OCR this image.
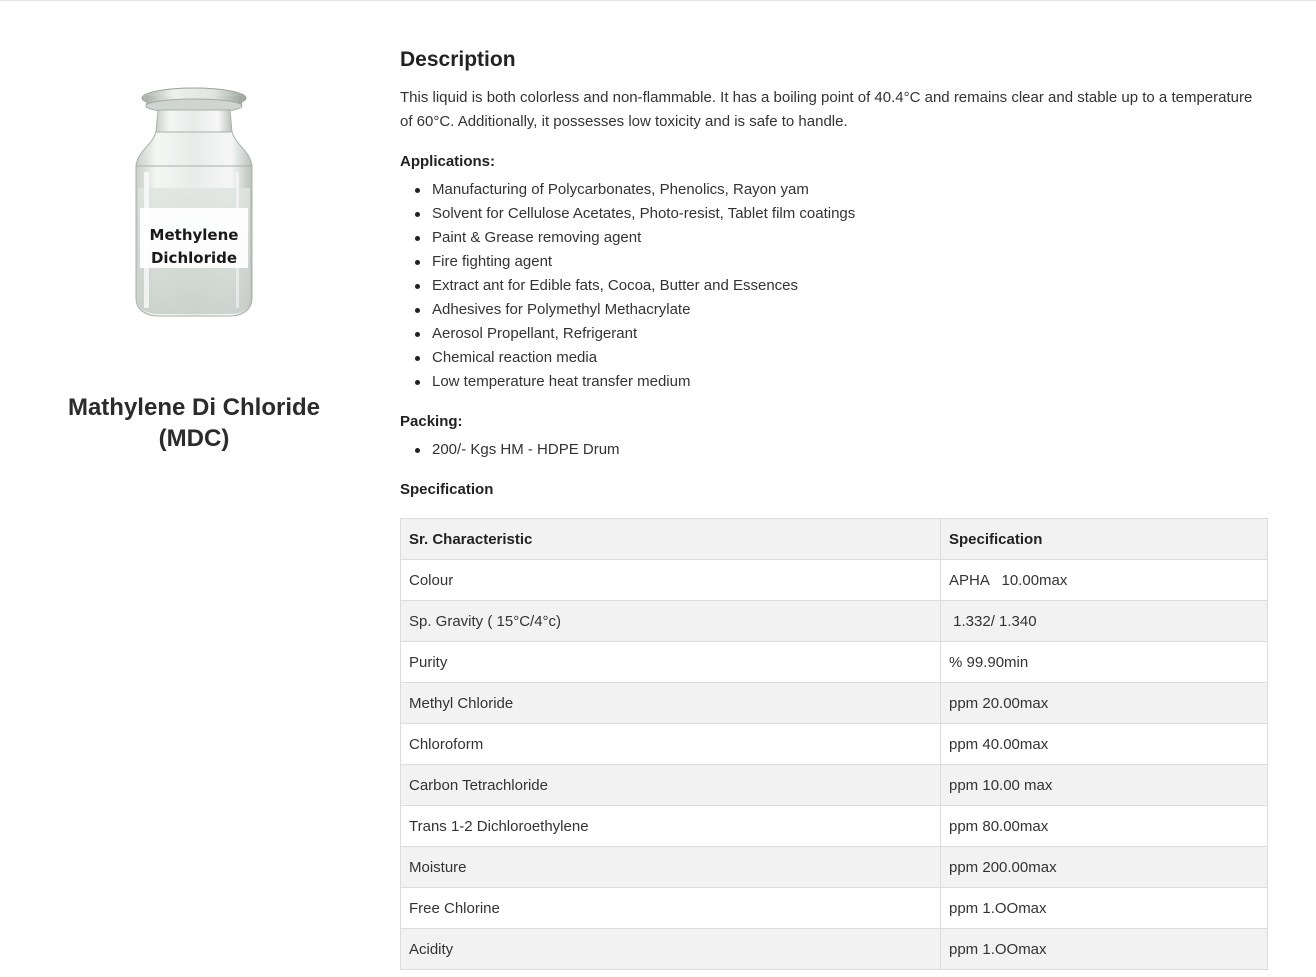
Methylene
Dichloride
Mathylene Di Chloride (MDC)
Description

This liquid is both colorless and non-flammable. It has a boiling point of 40.4°C and remains clear and stable up to a temperature of 60°C. Additionally, it possesses low toxicity and is safe to handle.

Applications:
Manufacturing of Polycarbonates, Phenolics, Rayon yam
Solvent for Cellulose Acetates, Photo-resist, Tablet film coatings
Paint & Grease removing agent
Fire fighting agent
Extract ant for Edible fats, Cocoa, Butter and Essences
Adhesives for Polymethyl Methacrylate
Aerosol Propellant, Refrigerant
Chemical reaction media
Low temperature heat transfer medium
Packing:
200/- Kgs HM - HDPE Drum
Specification
Sr. Characteristic	Specification
Colour	APHA   10.00max
Sp. Gravity ( 15°C/4°c)	1.332/ 1.340
Purity	% 99.90min
Methyl Chloride	ppm 20.00max
Chloroform	ppm 40.00max
Carbon Tetrachloride	ppm 10.00 max
Trans 1-2 Dichloroethylene	ppm 80.00max
Moisture	ppm 200.00max
Free Chlorine	ppm 1.OOmax
Acidity	ppm 1.OOmax
